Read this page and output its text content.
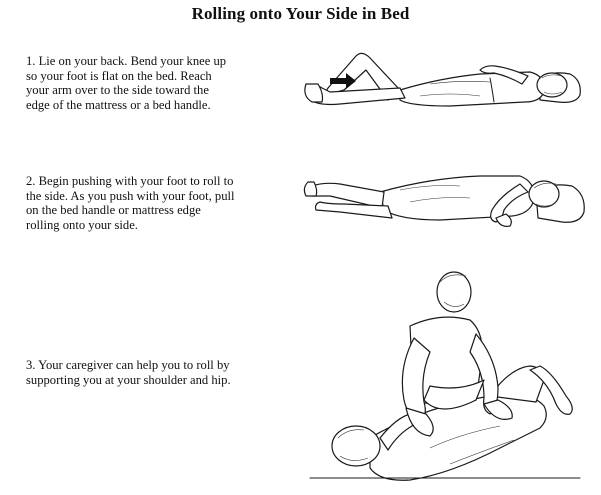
Rolling onto Your Side in Bed
1. Lie on your back. Bend your knee up
so your foot is flat on the bed. Reach
your arm over to the side toward the
edge of the mattress or a bed handle.
2. Begin pushing with your foot to roll to
the side. As you push with your foot, pull
on the bed handle or mattress edge
rolling onto your side.
3. Your caregiver can help you to roll by
supporting you at your shoulder and hip.
